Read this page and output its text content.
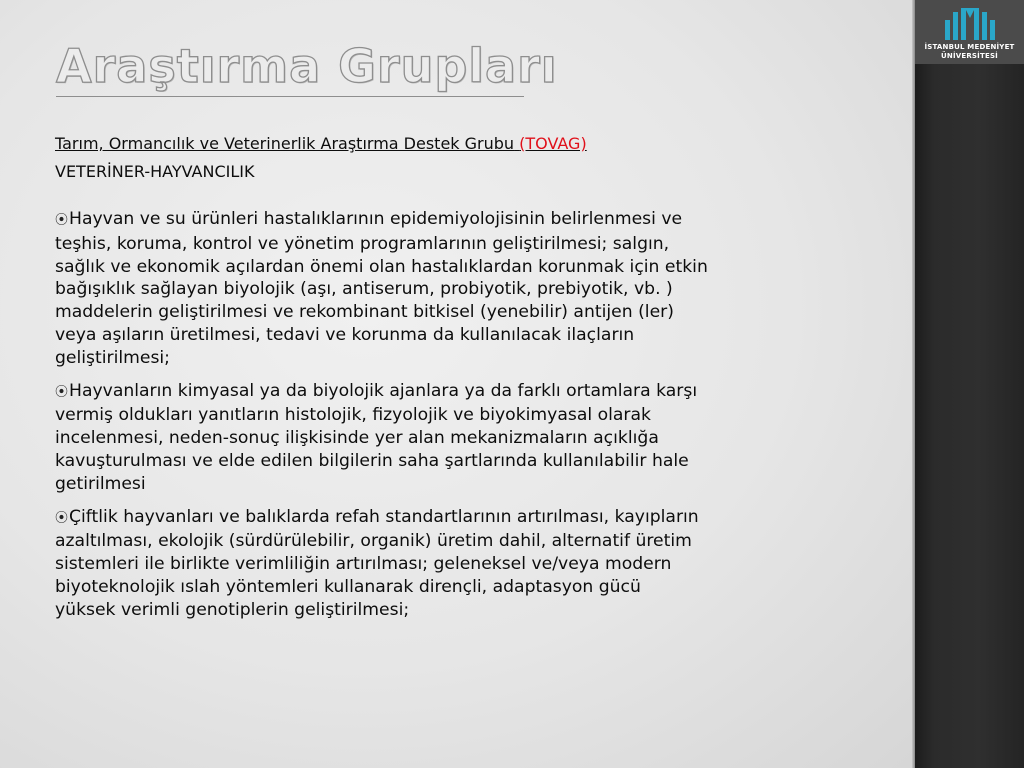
Araştırma Grupları
Tarım, Ormancılık ve Veterinerlik Araştırma Destek Grubu (TOVAG)
VETERİNER-HAYVANCILIK
⦿Hayvan ve su ürünleri hastalıklarının epidemiyolojisinin belirlenmesi ve
teşhis, koruma, kontrol ve yönetim programlarının geliştirilmesi; salgın,
sağlık ve ekonomik açılardan önemi olan hastalıklardan korunmak için etkin
bağışıklık sağlayan biyolojik (aşı, antiserum, probiyotik, prebiyotik, vb. )
maddelerin geliştirilmesi ve rekombinant bitkisel (yenebilir) antijen (ler)
veya aşıların üretilmesi, tedavi ve korunma da kullanılacak ilaçların
geliştirilmesi;
⦿Hayvanların kimyasal ya da biyolojik ajanlara ya da farklı ortamlara karşı
vermiş oldukları yanıtların histolojik, fizyolojik ve biyokimyasal olarak
incelenmesi, neden-sonuç ilişkisinde yer alan mekanizmaların açıklığa
kavuşturulması ve elde edilen bilgilerin saha şartlarında kullanılabilir hale
getirilmesi
⦿Çiftlik hayvanları ve balıklarda refah standartlarının artırılması, kayıpların
azaltılması, ekolojik (sürdürülebilir, organik) üretim dahil, alternatif üretim
sistemleri ile birlikte verimliliğin artırılması; geleneksel ve/veya modern
biyoteknolojik ıslah yöntemleri kullanarak dirençli, adaptasyon gücü
yüksek verimli genotiplerin geliştirilmesi;
İSTANBUL MEDENİYET
ÜNİVERSİTESİ
